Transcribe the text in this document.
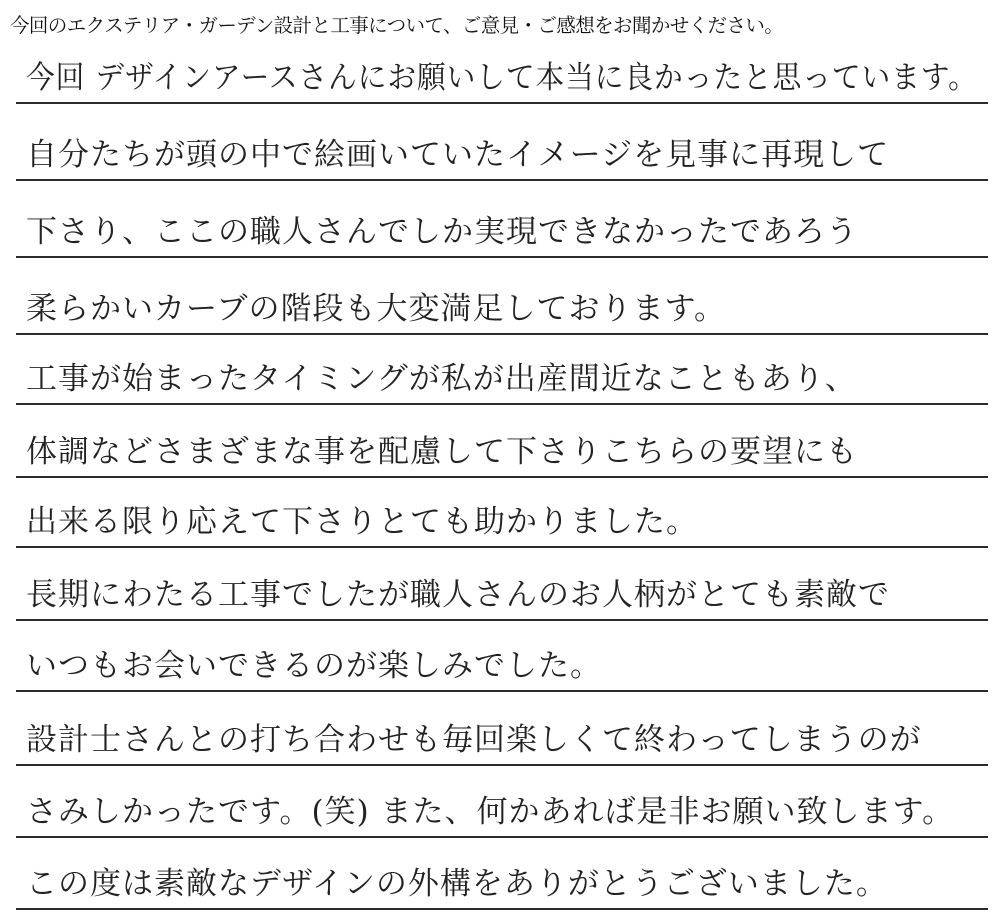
今回のエクステリア・ガーデン設計と工事について、ご意見・ご感想をお聞かせください。
今回 デザインアースさんにお願いして本当に良かったと思っています。
自分たちが頭の中で絵画いていたイメージを見事に再現して
下さり、ここの職人さんでしか実現できなかったであろう
柔らかいカーブの階段も大変満足しております。
工事が始まったタイミングが私が出産間近なこともあり、
体調などさまざまな事を配慮して下さりこちらの要望にも
出来る限り応えて下さりとても助かりました。
長期にわたる工事でしたが職人さんのお人柄がとても素敵で
いつもお会いできるのが楽しみでした。
設計士さんとの打ち合わせも毎回楽しくて終わってしまうのが
さみしかったです。(笑) また、何かあれば是非お願い致します。
この度は素敵なデザインの外構をありがとうございました。
